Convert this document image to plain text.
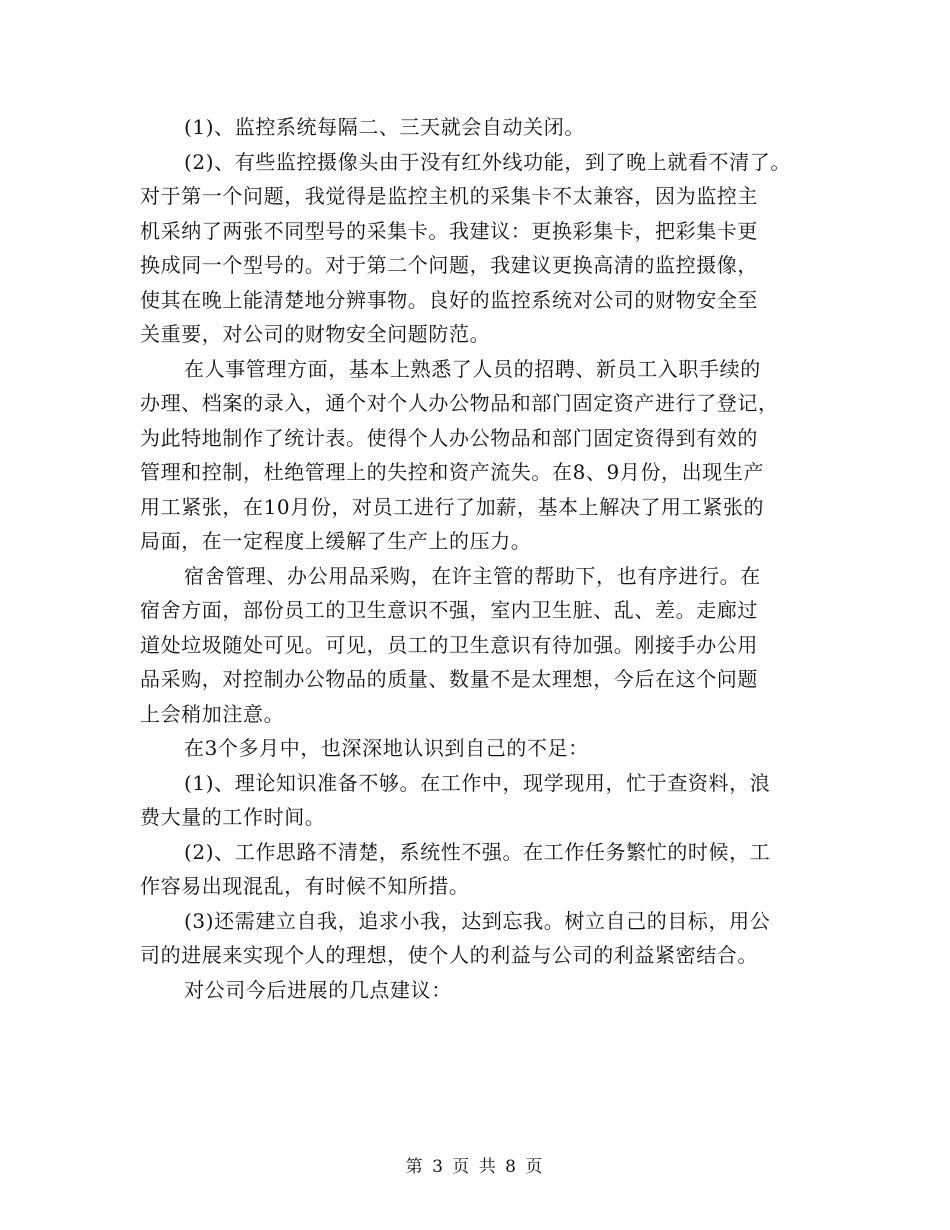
(1)、监控系统每隔二、三天就会自动关闭。
(2)、有些监控摄像头由于没有红外线功能，到了晚上就看不清了。
对于第一个问题，我觉得是监控主机的采集卡不太兼容，因为监控主
机采纳了两张不同型号的采集卡。我建议：更换彩集卡，把彩集卡更
换成同一个型号的。对于第二个问题，我建议更换高清的监控摄像，
使其在晚上能清楚地分辨事物。良好的监控系统对公司的财物安全至
关重要，对公司的财物安全问题防范。
在人事管理方面，基本上熟悉了人员的招聘、新员工入职手续的
办理、档案的录入，通个对个人办公物品和部门固定资产进行了登记，
为此特地制作了统计表。使得个人办公物品和部门固定资得到有效的
管理和控制，杜绝管理上的失控和资产流失。在8、9月份，出现生产
用工紧张，在10月份，对员工进行了加薪，基本上解决了用工紧张的
局面，在一定程度上缓解了生产上的压力。
宿舍管理、办公用品采购，在许主管的帮助下，也有序进行。在
宿舍方面，部份员工的卫生意识不强，室内卫生脏、乱、差。走廊过
道处垃圾随处可见。可见，员工的卫生意识有待加强。刚接手办公用
品采购，对控制办公物品的质量、数量不是太理想，今后在这个问题
上会稍加注意。
在3个多月中，也深深地认识到自己的不足：
(1)、理论知识准备不够。在工作中，现学现用，忙于查资料，浪
费大量的工作时间。
(2)、工作思路不清楚，系统性不强。在工作任务繁忙的时候，工
作容易出现混乱，有时候不知所措。
(3)还需建立自我，追求小我，达到忘我。树立自己的目标，用公
司的进展来实现个人的理想，使个人的利益与公司的利益紧密结合。
对公司今后进展的几点建议：
第 3 页 共 8 页
